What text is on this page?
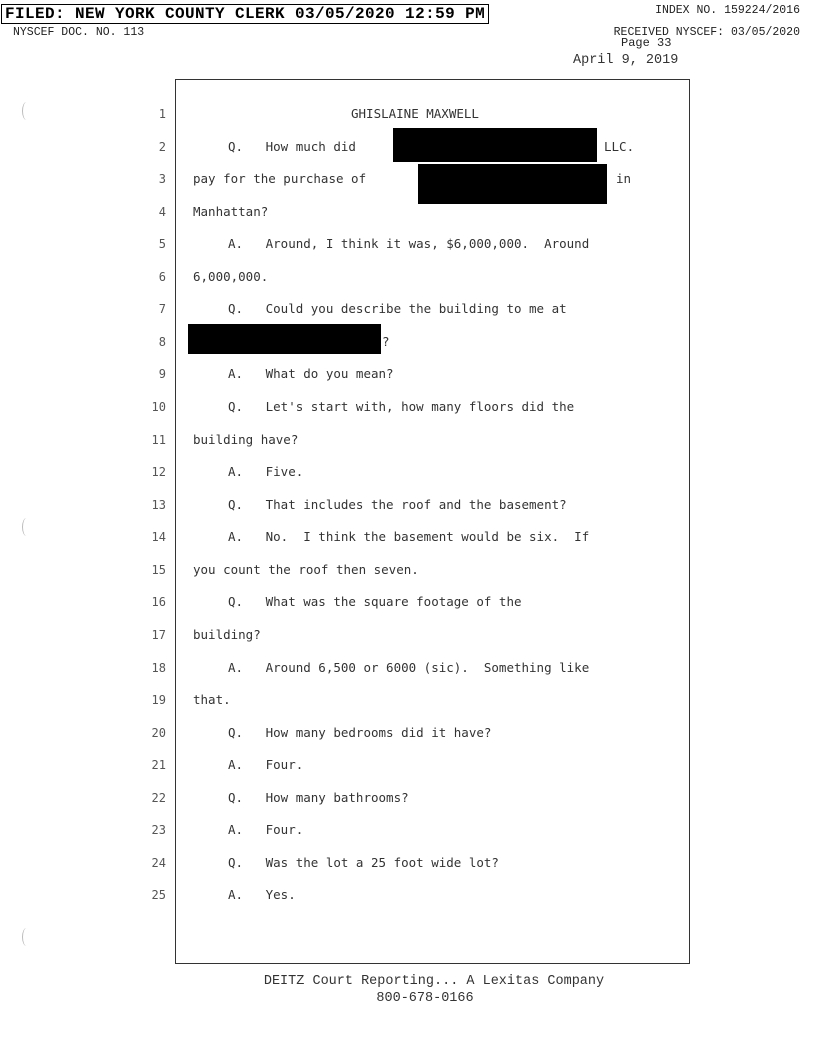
FILED: NEW YORK COUNTY CLERK 03/05/2020 12:59 PM	INDEX NO. 159224/2016
NYSCEF DOC. NO. 113	RECEIVED NYSCEF: 03/05/2020
Page 33
April 9, 2019
1	GHISLAINE MAXWELL
2	Q.   How much did	LLC.
3 pay for the purchase of	in
4 Manhattan?
5	A.   Around, I think it was, $6,000,000.  Around
6 6,000,000.
7	Q.   Could you describe the building to me at
8	?
9	A.   What do you mean?
10	Q.   Let's start with, how many floors did the
11 building have?
12	A.   Five.
13	Q.   That includes the roof and the basement?
14	A.   No.  I think the basement would be six.  If
15 you count the roof then seven.
16	Q.   What was the square footage of the
17 building?
18	A.   Around 6,500 or 6000 (sic).  Something like
19 that.
20	Q.   How many bedrooms did it have?
21	A.   Four.
22	Q.   How many bathrooms?
23	A.   Four.
24	Q.   Was the lot a 25 foot wide lot?
25	A.   Yes.
DEITZ Court Reporting... A Lexitas Company
800-678-0166
